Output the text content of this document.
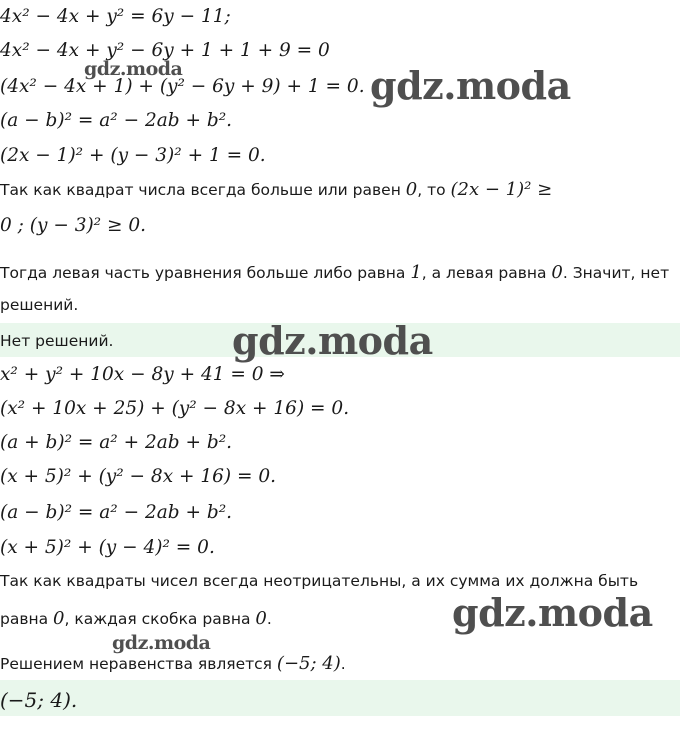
4x² − 4x + y² = 6y − 11;
4x² − 4x + y² − 6y + 1 + 1 + 9 = 0
(4x² − 4x + 1) + (y² − 6y + 9) + 1 = 0.
(a − b)² = a² − 2ab + b².
(2x − 1)² + (y − 3)² + 1 = 0.
Так как квадрат числа всегда больше или равен 0, то (2x − 1)² ≥
0 ; (y − 3)² ≥ 0.
Тогда левая часть уравнения больше либо равна 1, а левая равна 0. Значит, нет
решений.
Нет решений.
x² + y² + 10x − 8y + 41 = 0 ⇒
(x² + 10x + 25) + (y² − 8x + 16) = 0.
(a + b)² = a² + 2ab + b².
(x + 5)² + (y² − 8x + 16) = 0.
(a − b)² = a² − 2ab + b².
(x + 5)² + (y − 4)² = 0.
Так как квадраты чисел всегда неотрицательны, а их сумма их должна быть
равна 0, каждая скобка равна 0.
Решением неравенства является (−5; 4).
(−5; 4).
gdz.moda	gdz.moda
gdz.moda
gdz.moda
gdz.moda
